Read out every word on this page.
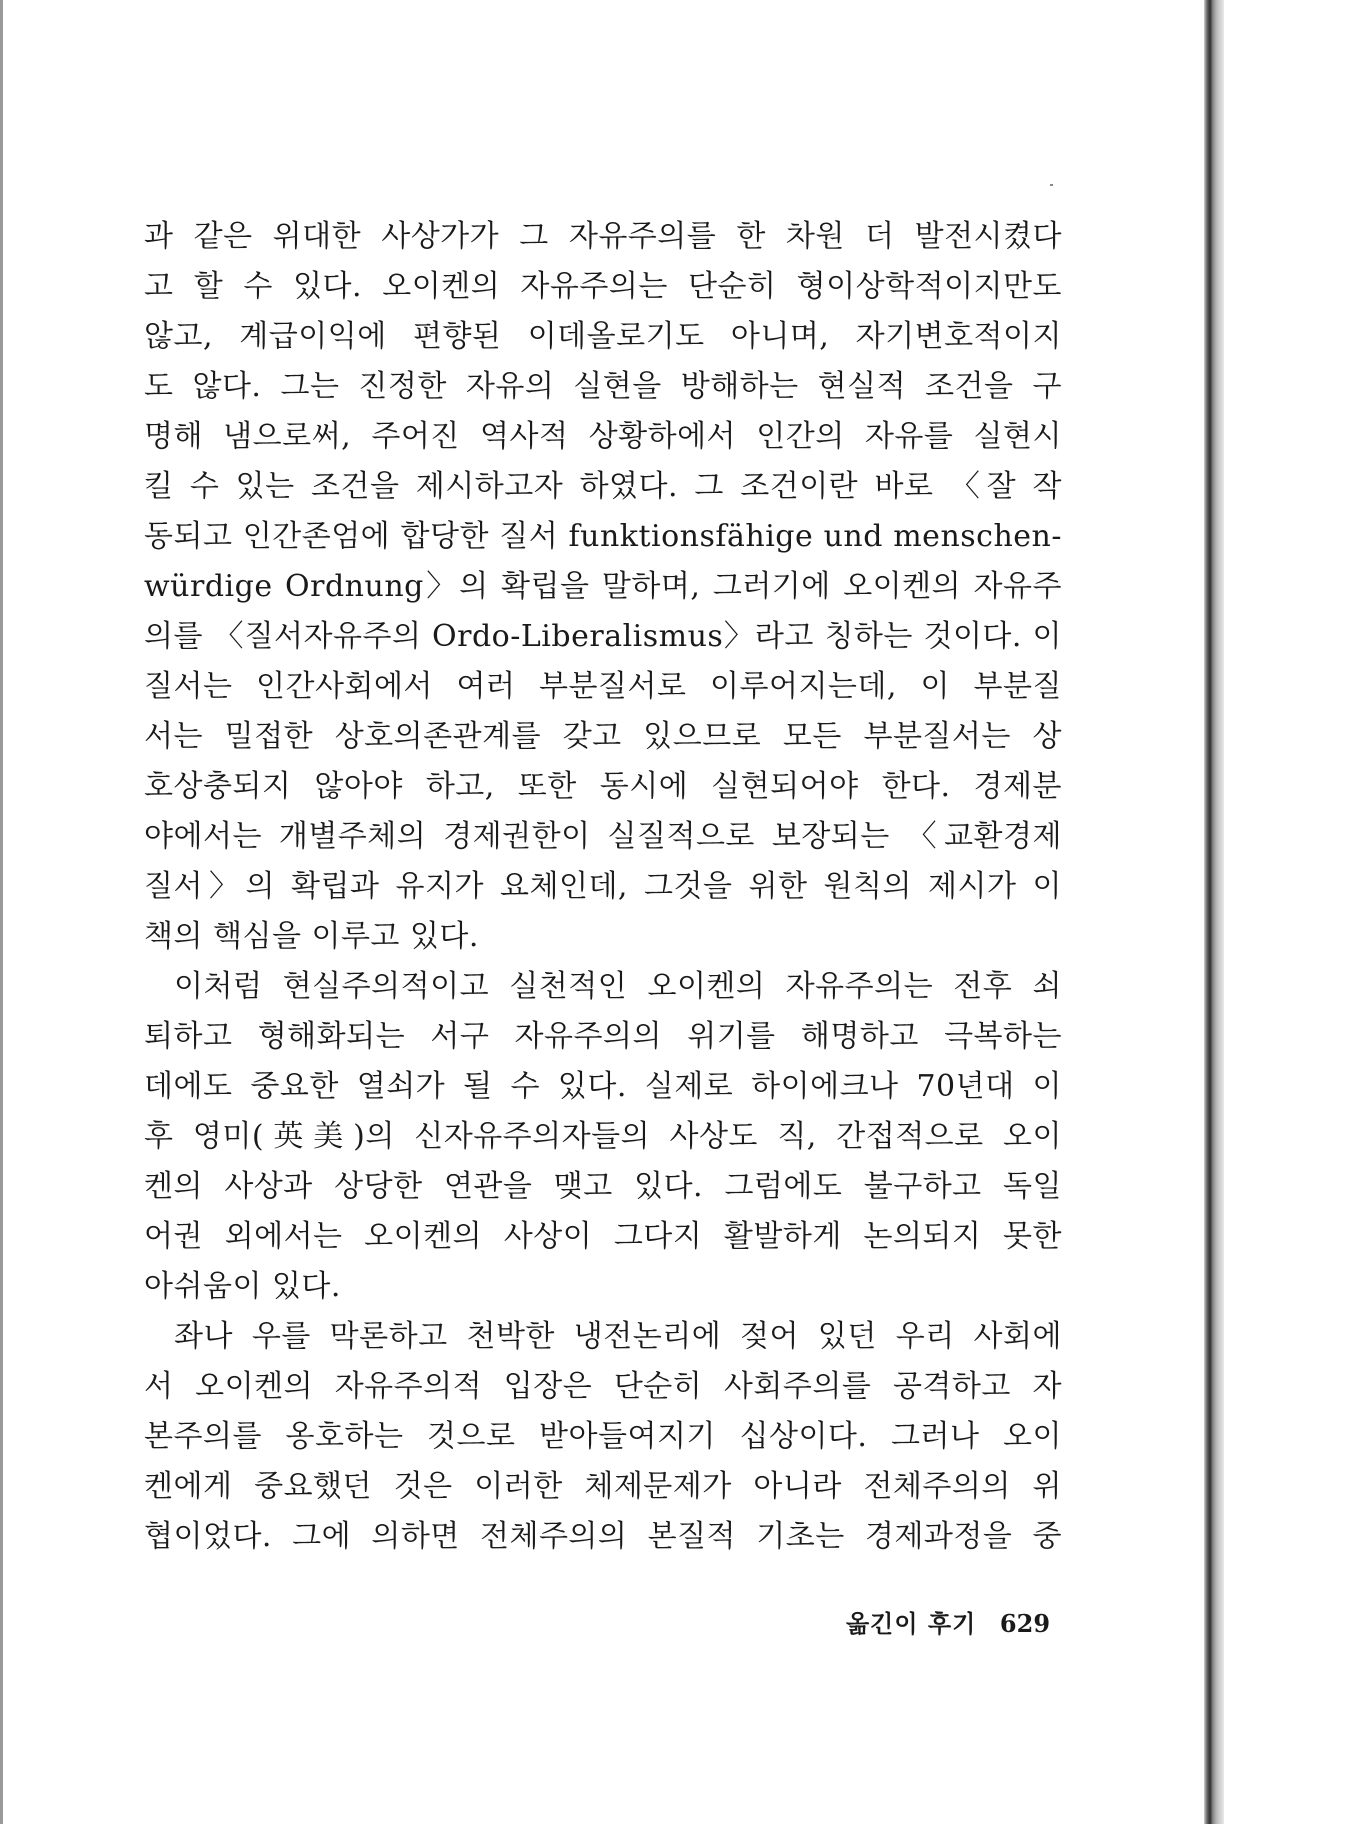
과 같은 위대한 사상가가 그 자유주의를 한 차원 더 발전시켰다
고 할 수 있다. 오이켄의 자유주의는 단순히 형이상학적이지만도
않고, 계급이익에 편향된 이데올로기도 아니며, 자기변호적이지
도 않다. 그는 진정한 자유의 실현을 방해하는 현실적 조건을 구
명해 냄으로써, 주어진 역사적 상황하에서 인간의 자유를 실현시
킬 수 있는 조건을 제시하고자 하였다. 그 조건이란 바로 〈잘 작
동되고 인간존엄에 합당한 질서 funktionsfähige und menschen-
würdige Ordnung〉의 확립을 말하며, 그러기에 오이켄의 자유주
의를 〈질서자유주의 Ordo-Liberalismus〉라고 칭하는 것이다. 이
질서는 인간사회에서 여러 부분질서로 이루어지는데, 이 부분질
서는 밀접한 상호의존관계를 갖고 있으므로 모든 부분질서는 상
호상충되지 않아야 하고, 또한 동시에 실현되어야 한다. 경제분
야에서는 개별주체의 경제권한이 실질적으로 보장되는 〈교환경제
질서〉의 확립과 유지가 요체인데, 그것을 위한 원칙의 제시가 이
책의 핵심을 이루고 있다.
이처럼 현실주의적이고 실천적인 오이켄의 자유주의는 전후 쇠
퇴하고 형해화되는 서구 자유주의의 위기를 해명하고 극복하는
데에도 중요한 열쇠가 될 수 있다. 실제로 하이에크나 70년대 이
후 영미(英美)의 신자유주의자들의 사상도 직, 간접적으로 오이
켄의 사상과 상당한 연관을 맺고 있다. 그럼에도 불구하고 독일
어권 외에서는 오이켄의 사상이 그다지 활발하게 논의되지 못한
아쉬움이 있다.
좌나 우를 막론하고 천박한 냉전논리에 젖어 있던 우리 사회에
서 오이켄의 자유주의적 입장은 단순히 사회주의를 공격하고 자
본주의를 옹호하는 것으로 받아들여지기 십상이다. 그러나 오이
켄에게 중요했던 것은 이러한 체제문제가 아니라 전체주의의 위
협이었다. 그에 의하면 전체주의의 본질적 기초는 경제과정을 중
옮긴이 후기 629
